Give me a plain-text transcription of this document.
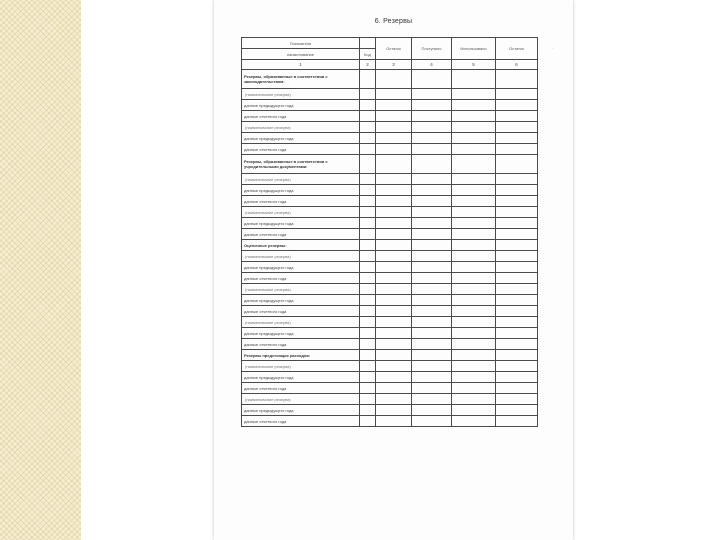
6. Резервы
-
Показатели		Остаток	Поступило	Использовано	Остаток
наименование	Код				
1	2	3	4	5	6
Резервы, образованные в соответствии с законодательством:					
(наименование резерва)					
данные предыдущего года					
данные отчетного года					
(наименование резерва)					
данные предыдущего года					
данные отчетного года					
Резервы, образованные в соответствии с учредительными документами:					
(наименование резерва)					
данные предыдущего года					
данные отчетного года					
(наименование резерва)					
данные предыдущего года					
данные отчетного года					
Оценочные резервы:					
(наименование резерва)					
данные предыдущего года					
данные отчетного года					
(наименование резерва)					
данные предыдущего года					
данные отчетного года					
(наименование резерва)					
данные предыдущего года					
данные отчетного года					
Резервы предстоящих расходов:					
(наименование резерва)					
данные предыдущего года					
данные отчетного года					
(наименование резерва)					
данные предыдущего года					
данные отчетного года					
